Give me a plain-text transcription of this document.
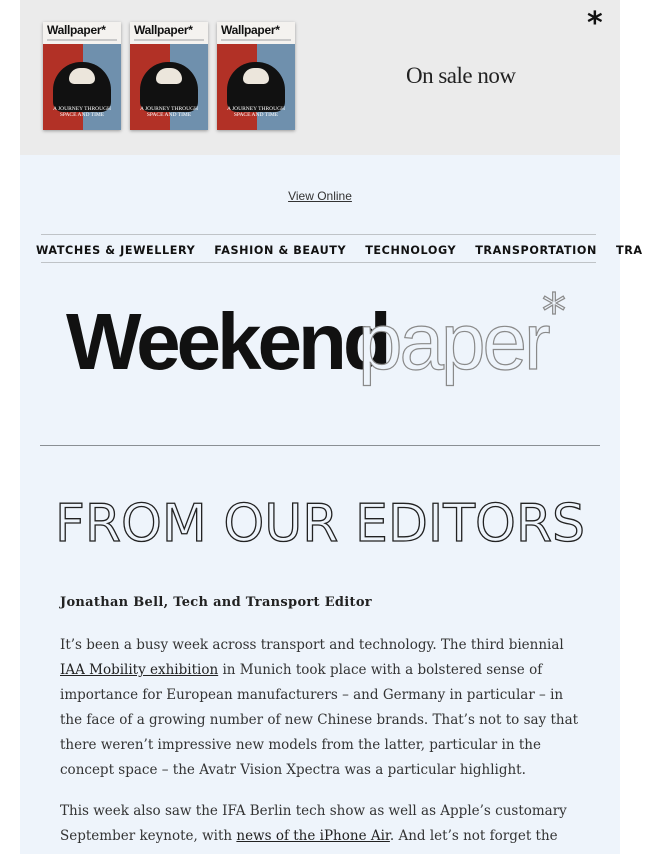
Wallpaper*
A JOURNEY THROUGH SPACE AND TIME
Wallpaper*
A JOURNEY THROUGH SPACE AND TIME
Wallpaper*
A JOURNEY THROUGH SPACE AND TIME
On sale now
*
View Online
WATCHES & JEWELLERY FASHION & BEAUTY TECHNOLOGY TRANSPORTATION TRA
Weekend
paper
*
FROM OUR EDITORS
Jonathan Bell, Tech and Transport Editor

It’s been a busy week across transport and technology. The third biennial IAA Mobility exhibition in Munich took place with a bolstered sense of importance for European manufacturers – and Germany in particular – in the face of a growing number of new Chinese brands. That’s not to say that there weren’t impressive new models from the latter, particular in the concept space – the Avatr Vision Xpectra was a particular highlight.

This week also saw the IFA Berlin tech show as well as Apple’s customary September keynote, with news of the iPhone Air. And let’s not forget the
